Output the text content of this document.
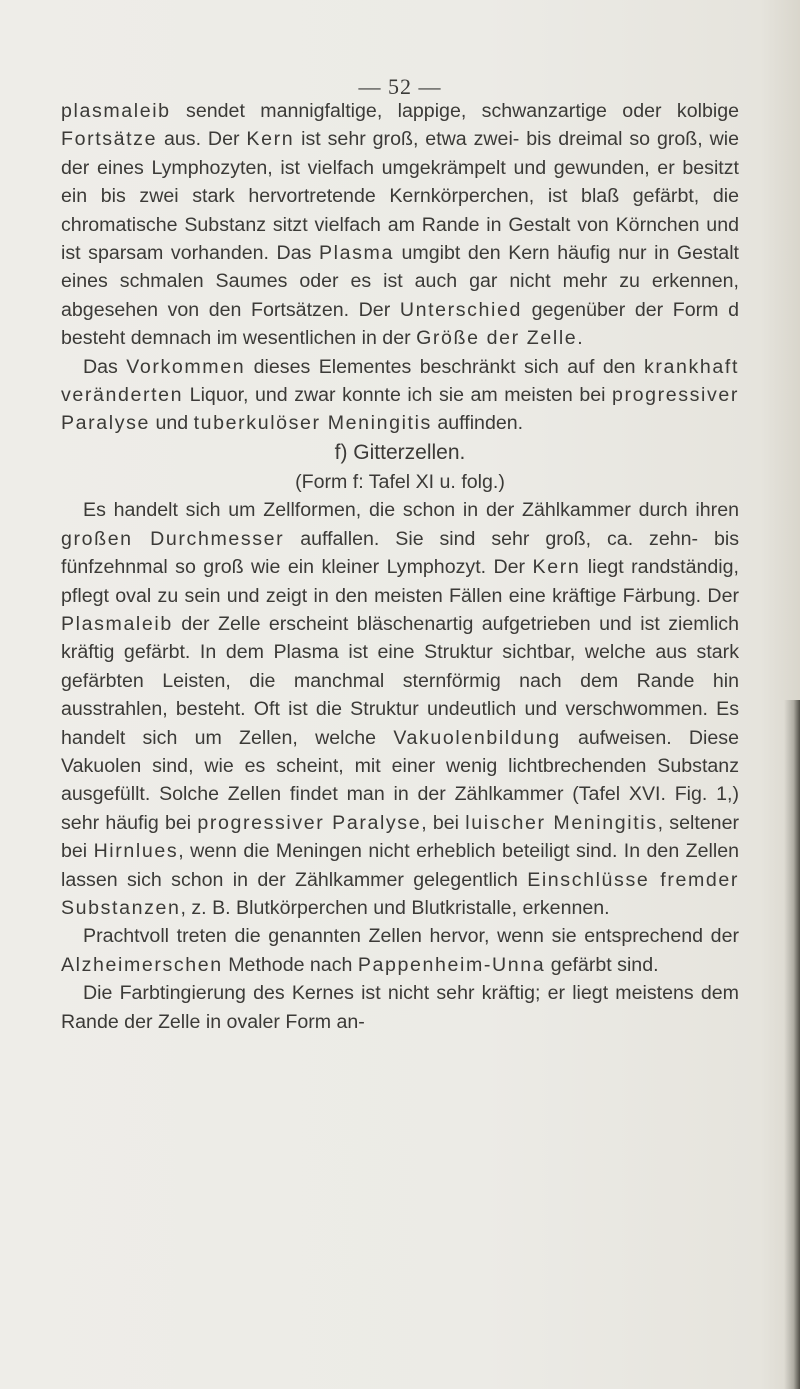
— 52 —

plasmaleib sendet mannigfaltige, lappige, schwanzartige oder kolbige Fortsätze aus. Der Kern ist sehr groß, etwa zwei- bis dreimal so groß, wie der eines Lymphozyten, ist vielfach umgekrämpelt und gewunden, er besitzt ein bis zwei stark hervortretende Kernkörperchen, ist blaß gefärbt, die chromatische Substanz sitzt vielfach am Rande in Gestalt von Körnchen und ist sparsam vorhanden. Das Plasma umgibt den Kern häufig nur in Gestalt eines schmalen Saumes oder es ist auch gar nicht mehr zu erkennen, abgesehen von den Fortsätzen. Der Unterschied gegenüber der Form d besteht demnach im wesentlichen in der Größe der Zelle.

Das Vorkommen dieses Elementes beschränkt sich auf den krankhaft veränderten Liquor, und zwar konnte ich sie am meisten bei progressiver Paralyse und tuberkulöser Meningitis auffinden.

f) Gitterzellen.

(Form f: Tafel XI u. folg.)

Es handelt sich um Zellformen, die schon in der Zählkammer durch ihren großen Durchmesser auffallen. Sie sind sehr groß, ca. zehn- bis fünfzehnmal so groß wie ein kleiner Lymphozyt. Der Kern liegt randständig, pflegt oval zu sein und zeigt in den meisten Fällen eine kräftige Färbung. Der Plasmaleib der Zelle erscheint bläschenartig aufgetrieben und ist ziemlich kräftig gefärbt. In dem Plasma ist eine Struktur sichtbar, welche aus stark gefärbten Leisten, die manchmal sternförmig nach dem Rande hin ausstrahlen, besteht. Oft ist die Struktur undeutlich und verschwommen. Es handelt sich um Zellen, welche Vakuolenbildung aufweisen. Diese Vakuolen sind, wie es scheint, mit einer wenig lichtbrechenden Substanz ausgefüllt. Solche Zellen findet man in der Zählkammer (Tafel XVI. Fig. 1,) sehr häufig bei progressiver Paralyse, bei luischer Meningitis, seltener bei Hirnlues, wenn die Meningen nicht erheblich beteiligt sind. In den Zellen lassen sich schon in der Zählkammer gelegentlich Einschlüsse fremder Substanzen, z. B. Blutkörperchen und Blutkristalle, erkennen.

Prachtvoll treten die genannten Zellen hervor, wenn sie entsprechend der Alzheimerschen Methode nach Pappenheim-Unna gefärbt sind.

Die Farbtingierung des Kernes ist nicht sehr kräftig; er liegt meistens dem Rande der Zelle in ovaler Form an-
